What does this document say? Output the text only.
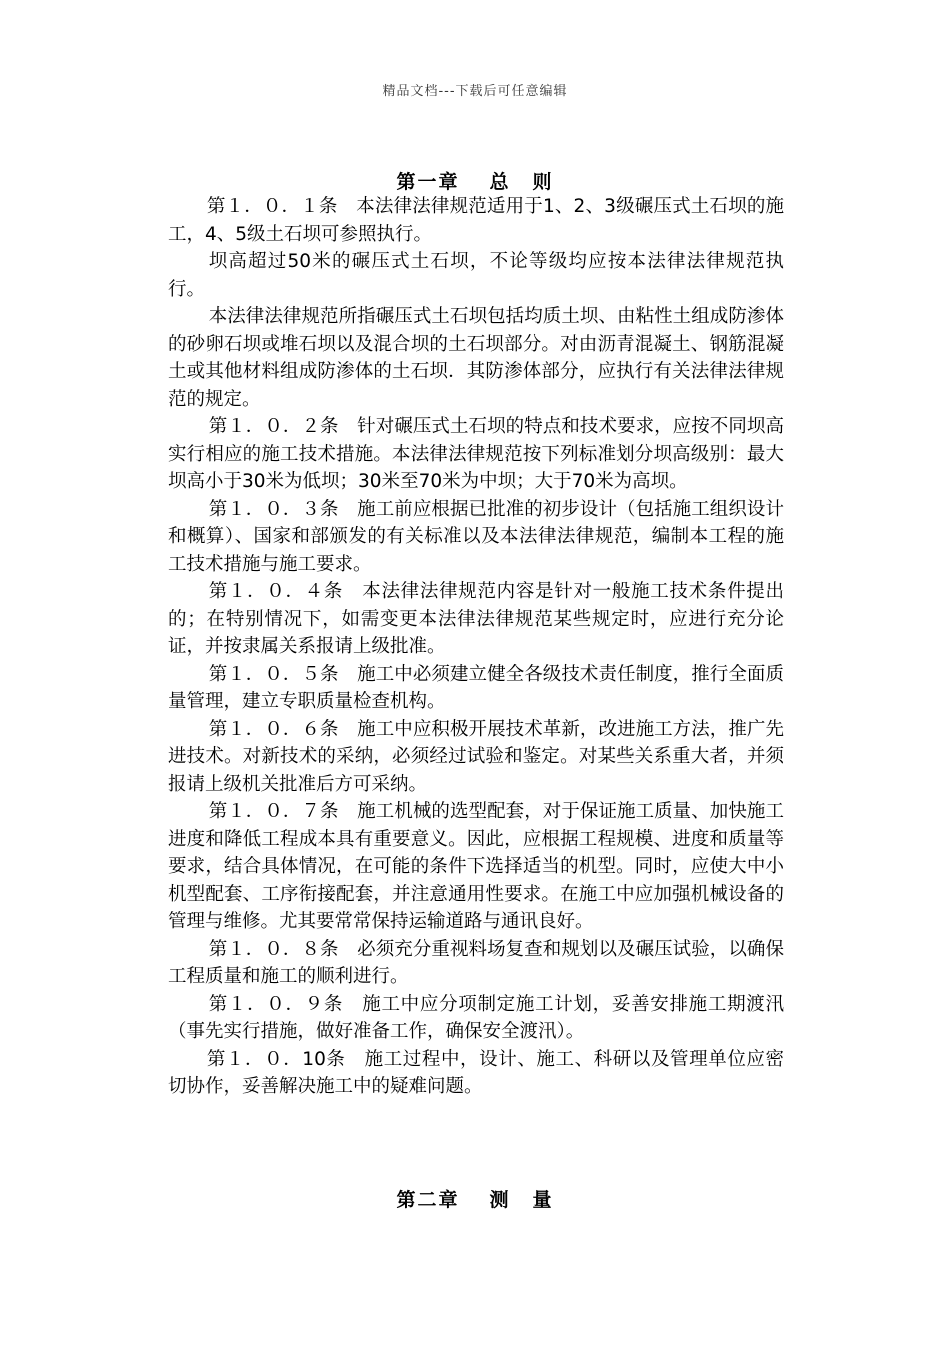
精品文档---下载后可任意编辑
第一章 总 则

第１．０．１条　本法律法律规范适用于1、2、3级碾压式土石坝的施工，4、5级土石坝可参照执行。

坝高超过50米的碾压式土石坝，不论等级均应按本法律法律规范执行。

本法律法律规范所指碾压式土石坝包括均质土坝、由粘性土组成防渗体的砂卵石坝或堆石坝以及混合坝的土石坝部分。对由沥青混凝土、钢筋混凝土或其他材料组成防渗体的土石坝．其防渗体部分，应执行有关法律法律规范的规定。

第１．０．２条　针对碾压式土石坝的特点和技术要求，应按不同坝高实行相应的施工技术措施。本法律法律规范按下列标准划分坝高级别：最大坝高小于30米为低坝；30米至70米为中坝；大于70米为高坝。

第１．０．３条　施工前应根据已批准的初步设计（包括施工组织设计和概算）、国家和部颁发的有关标准以及本法律法律规范，编制本工程的施工技术措施与施工要求。

第１．０．４条　本法律法律规范内容是针对一般施工技术条件提出的；在特别情况下，如需变更本法律法律规范某些规定时，应进行充分论证，并按隶属关系报请上级批准。

第１．０．５条　施工中必须建立健全各级技术责任制度，推行全面质量管理，建立专职质量检查机构。

第１．０．６条　施工中应积极开展技术革新，改进施工方法，推广先进技术。对新技术的采纳，必须经过试验和鉴定。对某些关系重大者，并须报请上级机关批准后方可采纳。

第１．０．７条　施工机械的选型配套，对于保证施工质量、加快施工进度和降低工程成本具有重要意义。因此，应根据工程规模、进度和质量等要求，结合具体情况，在可能的条件下选择适当的机型。同时，应使大中小机型配套、工序衔接配套，并注意通用性要求。在施工中应加强机械设备的管理与维修。尤其要常常保持运输道路与通讯良好。

第１．０．８条　必须充分重视料场复查和规划以及碾压试验，以确保工程质量和施工的顺利进行。

第１．０．９条　施工中应分项制定施工计划，妥善安排施工期渡汛（事先实行措施，做好准备工作，确保安全渡汛）。

第１．０．10条　施工过程中，设计、施工、科研以及管理单位应密切协作，妥善解决施工中的疑难问题。

第二章 测 量
